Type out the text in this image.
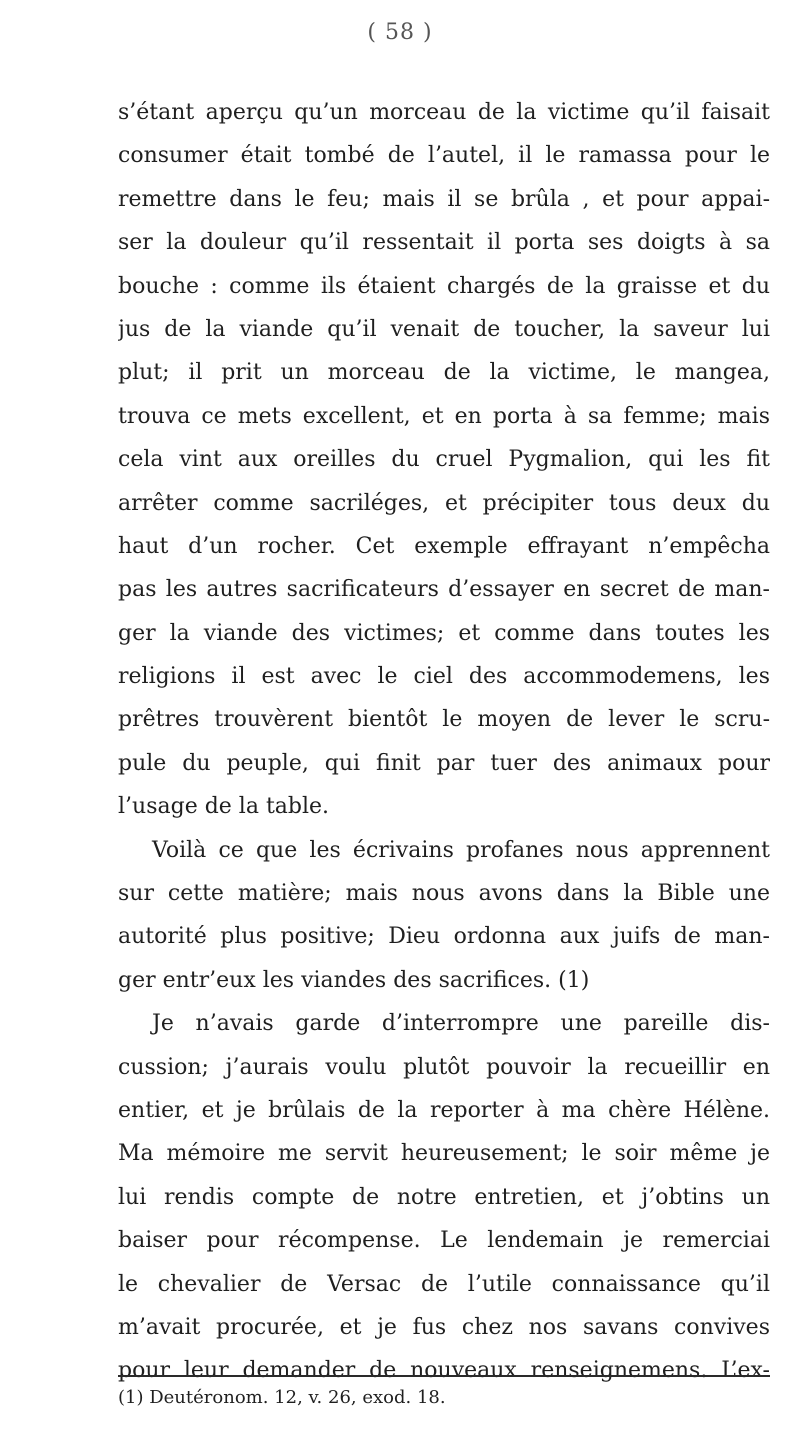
( 58 )
s’étant aperçu qu’un morceau de la victime qu’il faisait
consumer était tombé de l’autel, il le ramassa pour le
remettre dans le feu; mais il se brûla , et pour appai-
ser la douleur qu’il ressentait il porta ses doigts à sa
bouche : comme ils étaient chargés de la graisse et du
jus de la viande qu’il venait de toucher, la saveur lui
plut; il prit un morceau de la victime, le mangea,
trouva ce mets excellent, et en porta à sa femme; mais
cela vint aux oreilles du cruel Pygmalion, qui les fit
arrêter comme sacriléges, et précipiter tous deux du
haut d’un rocher. Cet exemple effrayant n’empêcha
pas les autres sacrificateurs d’essayer en secret de man-
ger la viande des victimes; et comme dans toutes les
religions il est avec le ciel des accommodemens, les
prêtres trouvèrent bientôt le moyen de lever le scru-
pule du peuple, qui finit par tuer des animaux pour
l’usage de la table.
Voilà ce que les écrivains profanes nous apprennent
sur cette matière; mais nous avons dans la Bible une
autorité plus positive; Dieu ordonna aux juifs de man-
ger entr’eux les viandes des sacrifices. (1)
Je n’avais garde d’interrompre une pareille dis-
cussion; j’aurais voulu plutôt pouvoir la recueillir en
entier, et je brûlais de la reporter à ma chère Hélène.
Ma mémoire me servit heureusement; le soir même je
lui rendis compte de notre entretien, et j’obtins un
baiser pour récompense. Le lendemain je remerciai
le chevalier de Versac de l’utile connaissance qu’il
m’avait procurée, et je fus chez nos savans convives
pour leur demander de nouveaux renseignemens. L’ex-
(1) Deutéronom. 12, v. 26, exod. 18.
